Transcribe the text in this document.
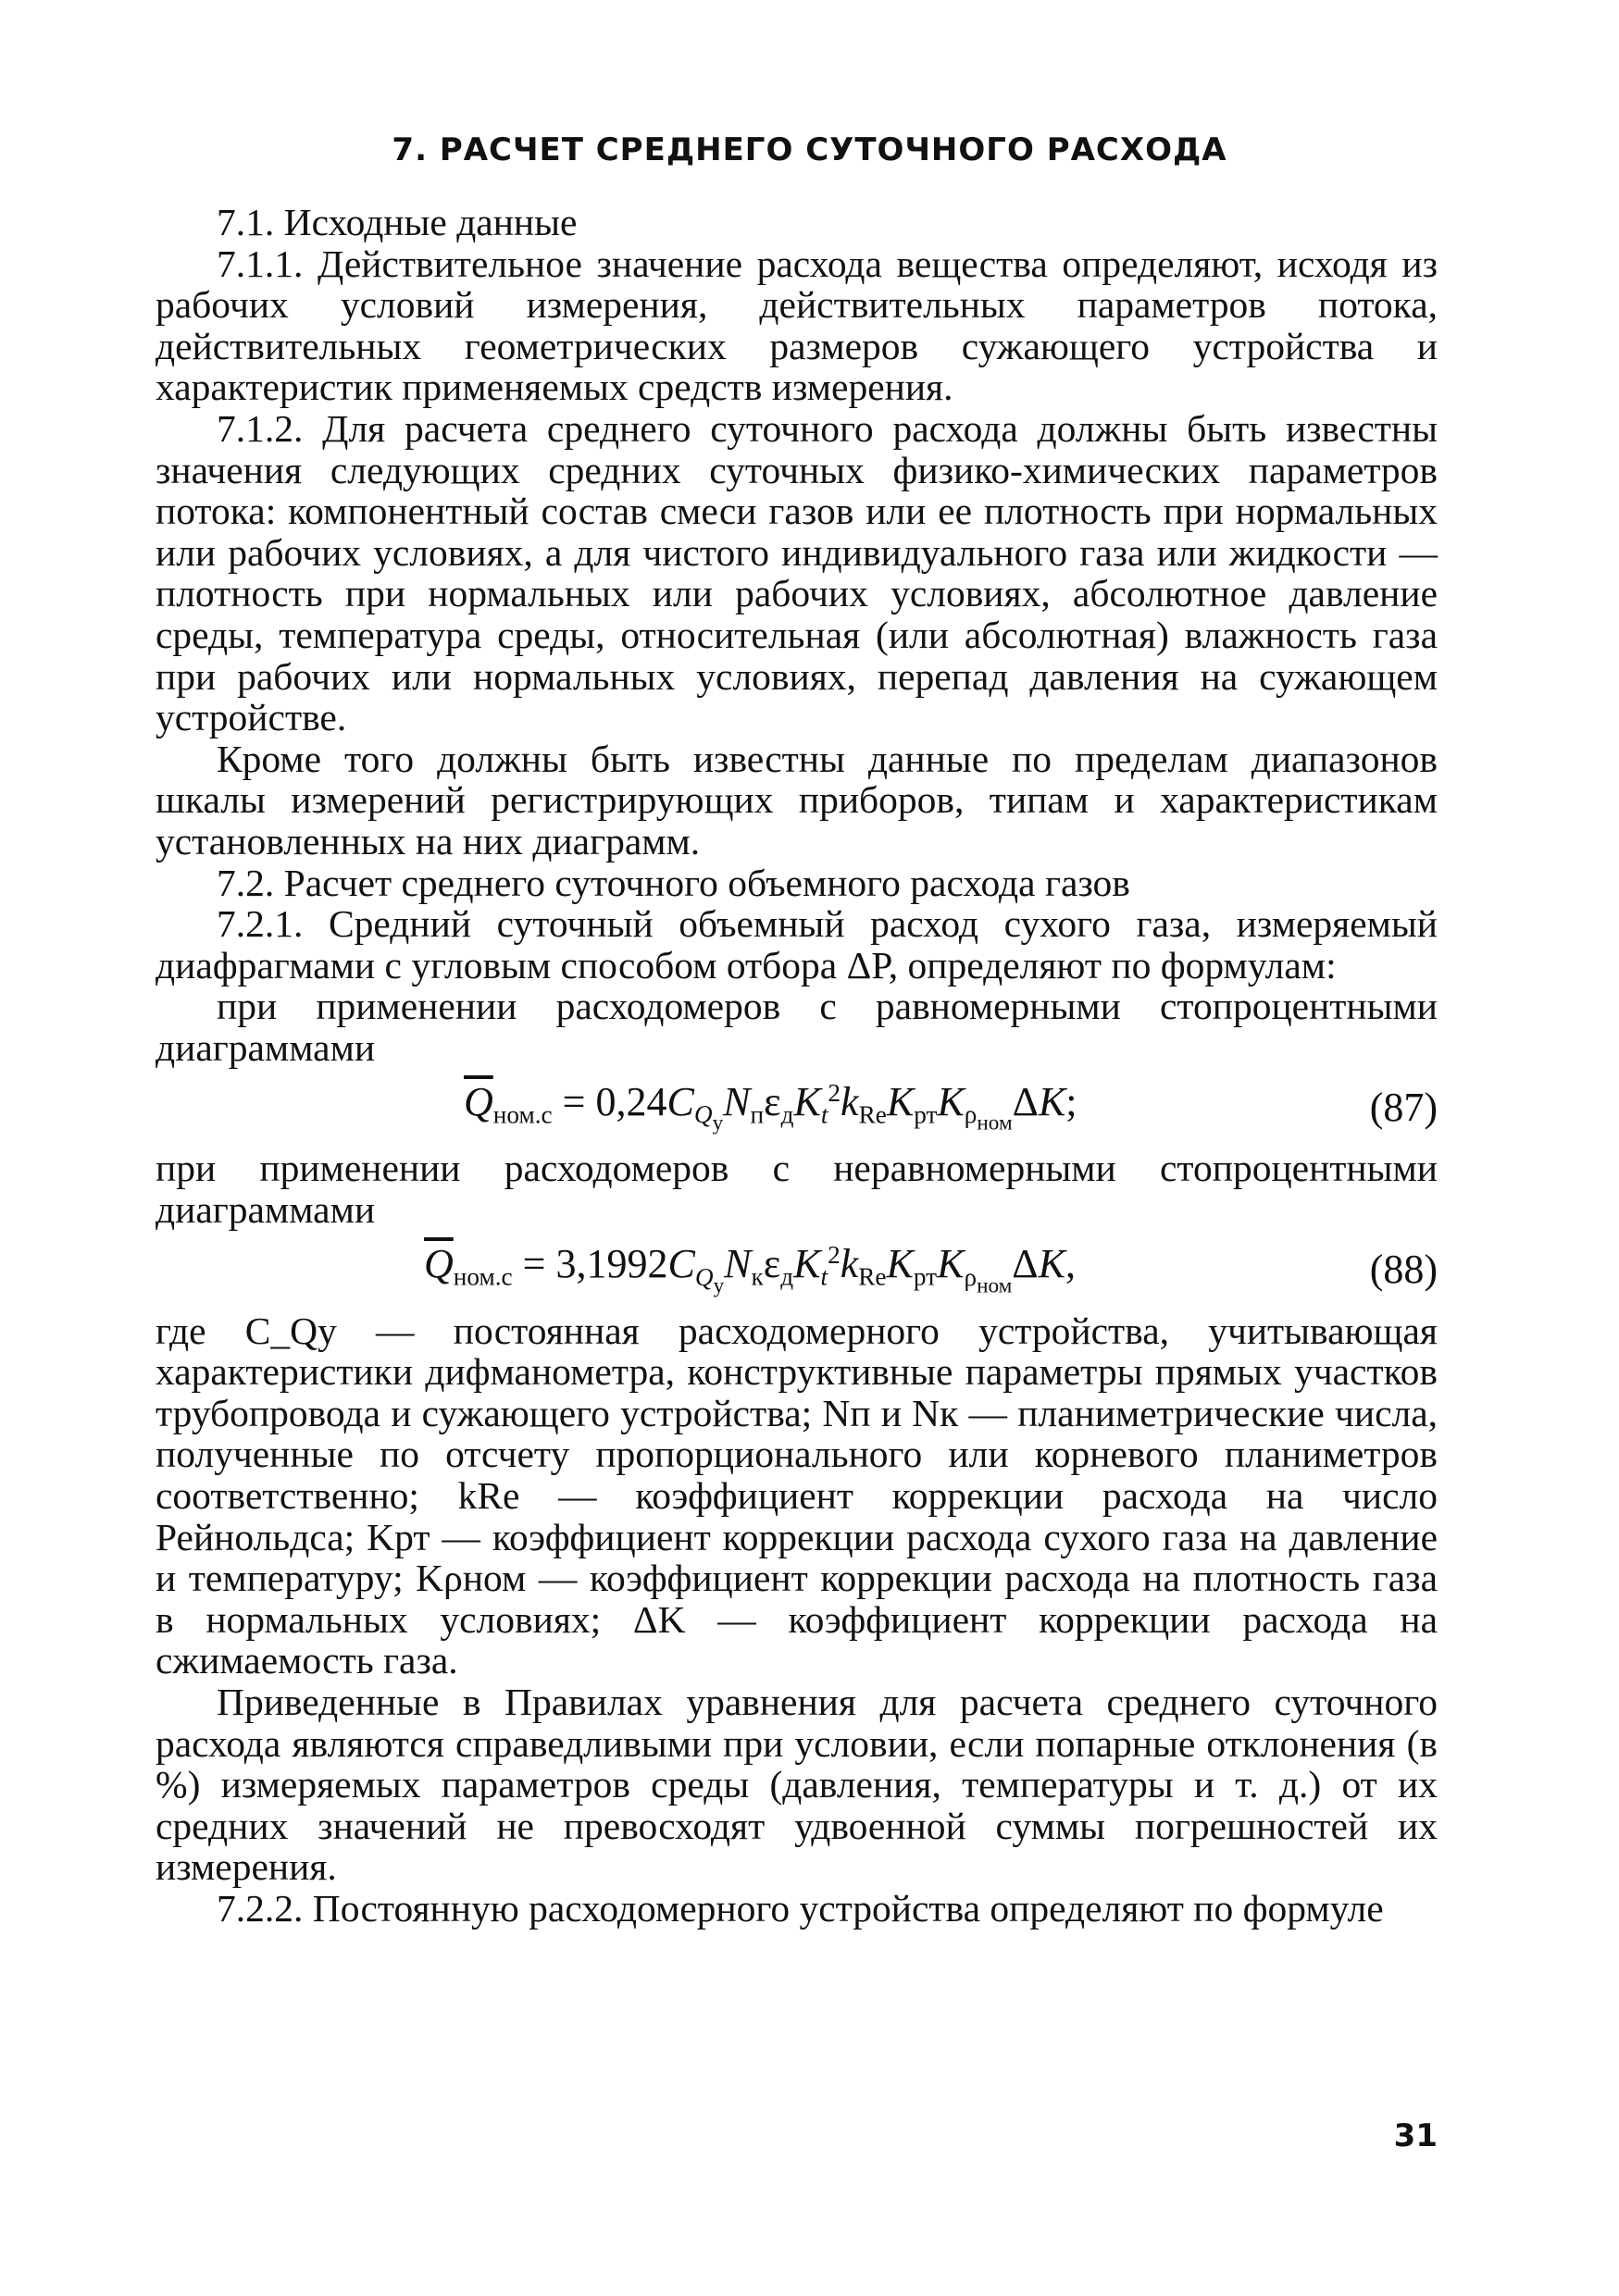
7. РАСЧЕТ СРЕДНЕГО СУТОЧНОГО РАСХОДА

7.1. Исходные данные

7.1.1. Действительное значение расхода вещества определяют, исходя из рабочих условий измерения, действительных параметров потока, действительных геометрических размеров сужающего устройства и характеристик применяемых средств измерения.

7.1.2. Для расчета среднего суточного расхода должны быть известны значения следующих средних суточных физико-химических параметров потока: компонентный состав смеси газов или ее плотность при нормальных или рабочих условиях, а для чистого индивидуального газа или жидкости — плотность при нормальных или рабочих условиях, абсолютное давление среды, температура среды, относительная (или абсолютная) влажность газа при рабочих или нормальных условиях, перепад давления на сужающем устройстве.

Кроме того должны быть известны данные по пределам диапазонов шкалы измерений регистрирующих приборов, типам и характеристикам установленных на них диаграмм.

7.2. Расчет среднего суточного объемного расхода газов

7.2.1. Средний суточный объемный расход сухого газа, измеряемый диафрагмами с угловым способом отбора ΔP, определяют по формулам:

при применении расходомеров с равномерными стопроцентными диаграммами

$\overline{Q}_{ном.с} = 0,24C_{Q_у}N_п\varepsilon_дK_t^2k_{Re}K_{рт}K_{\rho_{ном}}\Delta K$;	(87)

при применении расходомеров с неравномерными стопроцентными диаграммами

$\overline{Q}_{ном.с} = 3,1992C_{Q_у}N_к\varepsilon_дK_t^2k_{Re}K_{рт}K_{\rho_{ном}}\Delta K$,	(88)

где C_Qy — постоянная расходомерного устройства, учитывающая характеристики дифманометра, конструктивные параметры прямых участков трубопровода и сужающего устройства; Nп и Nк — планиметрические числа, полученные по отсчету пропорционального или корневого планиметров соответственно; kRe — коэффициент коррекции расхода на число Рейнольдса; Kрт — коэффициент коррекции расхода сухого газа на давление и температуру; Kρном — коэффициент коррекции расхода на плотность газа в нормальных условиях; ΔK — коэффициент коррекции расхода на сжимаемость газа.

Приведенные в Правилах уравнения для расчета среднего суточного расхода являются справедливыми при условии, если попарные отклонения (в %) измеряемых параметров среды (давления, температуры и т. д.) от их средних значений не превосходят удвоенной суммы погрешностей их измерения.

7.2.2. Постоянную расходомерного устройства определяют по формуле

31
